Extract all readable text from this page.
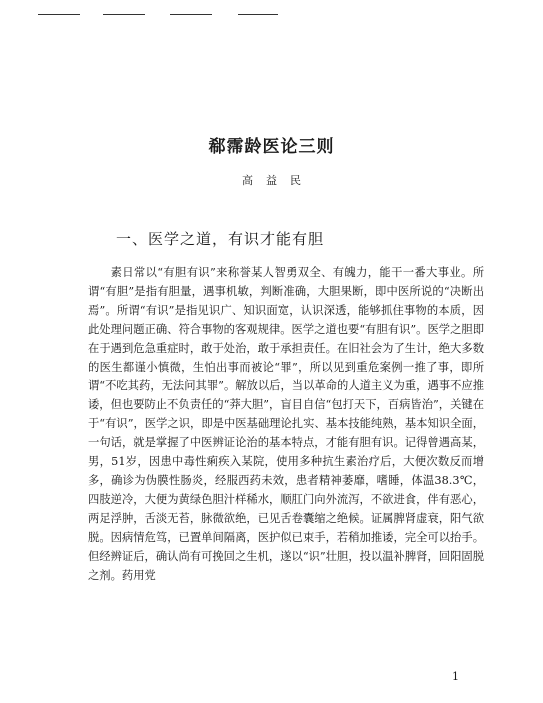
郗霈龄医论三则
高益民
一、医学之道，有识才能有胆

素日常以“有胆有识”来称誉某人智勇双全、有魄力，能干一番大事业。所谓“有胆”是指有胆量，遇事机敏，判断准确，大胆果断，即中医所说的“决断出焉”。所谓“有识”是指见识广、知识面宽，认识深透，能够抓住事物的本质，因此处理问题正确、符合事物的客观规律。医学之道也要“有胆有识”。医学之胆即在于遇到危急重症时，敢于处治，敢于承担责任。在旧社会为了生计，绝大多数的医生都谨小慎微，生怕出事而被论“罪”，所以见到重危案例一推了事，即所谓“不吃其药，无法问其罪”。解放以后，当以革命的人道主义为重，遇事不应推诿，但也要防止不负责任的“莽大胆”，盲目自信“包打天下，百病皆治”，关键在于“有识”，医学之识，即是中医基础理论扎实、基本技能纯熟，基本知识全面，一句话，就是掌握了中医辨证论治的基本特点，才能有胆有识。记得曾遇高某，男，51岁，因患中毒性痢疾入某院，使用多种抗生素治疗后，大便次数反而增多，确诊为伪膜性肠炎，经服西药未效，患者精神萎靡，嗜睡，体温38.3℃，四肢逆冷，大便为黄绿色胆汁样稀水，顺肛门向外流泻，不欲进食，伴有恶心，两足浮肿，舌淡无苔，脉微欲绝，已见舌卷囊缩之绝候。证属脾肾虚衰，阳气欲脱。因病情危笃，已置单间隔离，医护似已束手，若稍加推诿，完全可以抬手。但经辨证后，确认尚有可挽回之生机，遂以“识”壮胆，投以温补脾肾，回阳固脱之剂。药用党

1
